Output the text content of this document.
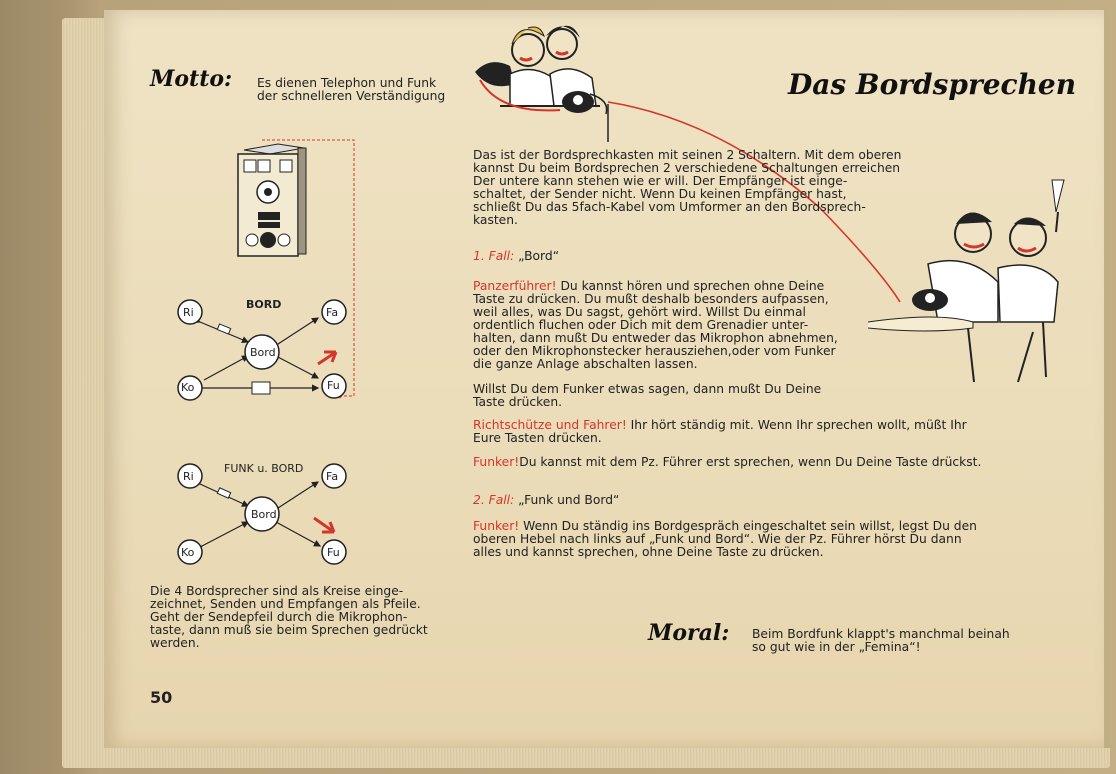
Motto: Es dienen Telephon und Funk
der schnelleren Verständigung	Das Bordsprechen
Das ist der Bordsprechkasten mit seinen 2 Schaltern. Mit dem oberen
kannst Du beim Bordsprechen 2 verschiedene Schaltungen erreichen
Der untere kann stehen wie er will. Der Empfänger ist einge-
schaltet, der Sender nicht. Wenn Du keinen Empfänger hast,
schließt Du das 5fach-Kabel vom Umformer an den Bordsprech-
kasten.
1. Fall: „Bord“
Panzerführer! Du kannst hören und sprechen ohne Deine
Taste zu drücken. Du mußt deshalb besonders aufpassen,
weil alles, was Du sagst, gehört wird. Willst Du einmal
ordentlich fluchen oder Dich mit dem Grenadier unter-
halten, dann mußt Du entweder das Mikrophon abnehmen,
oder den Mikrophonstecker herausziehen,oder vom Funker
die ganze Anlage abschalten lassen.
Willst Du dem Funker etwas sagen, dann mußt Du Deine
Taste drücken.
Richtschütze und Fahrer! Ihr hört ständig mit. Wenn Ihr sprechen wollt, müßt Ihr
Eure Tasten drücken.
Funker!Du kannst mit dem Pz. Führer erst sprechen, wenn Du Deine Taste drückst.
2. Fall: „Funk und Bord“
Funker! Wenn Du ständig ins Bordgespräch eingeschaltet sein willst, legst Du den
oberen Hebel nach links auf „Funk und Bord“. Wie der Pz. Führer hörst Du dann
alles und kannst sprechen, ohne Deine Taste zu drücken.
Moral: Beim Bordfunk klappt's manchmal beinah
so gut wie in der „Femina“!
BORD
Ri	Fa
Bord
Ko	Fu
FUNK u. BORD
Ri	Fa
Bord
Ko	Fu
Die 4 Bordsprecher sind als Kreise einge-
zeichnet, Senden und Empfangen als Pfeile.
Geht der Sendepfeil durch die Mikrophon-
taste, dann muß sie beim Sprechen gedrückt
werden.
50
